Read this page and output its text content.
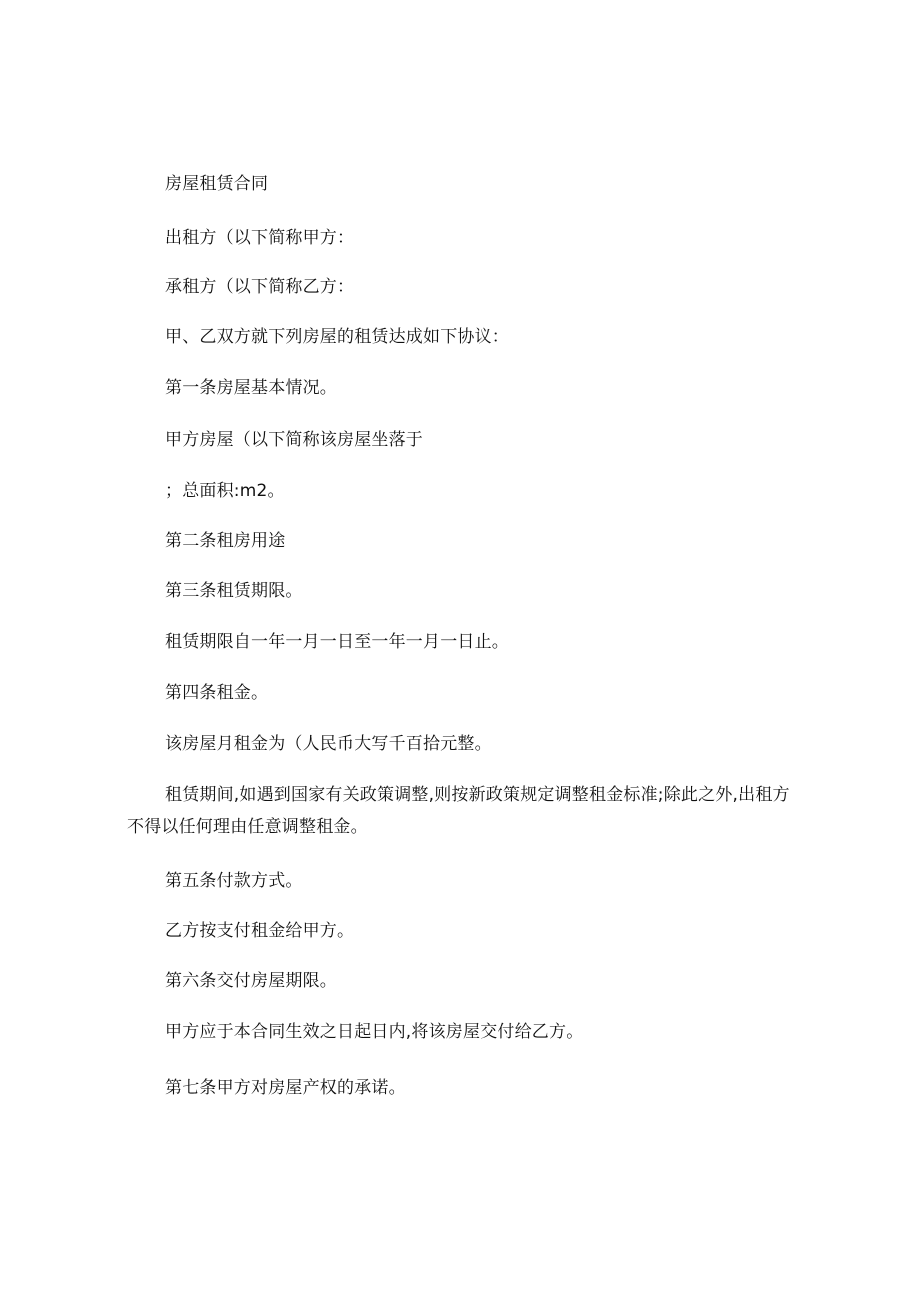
房屋租赁合同
出租方（以下简称甲方：
承租方（以下简称乙方：
甲、乙双方就下列房屋的租赁达成如下协议：
第一条房屋基本情况。
甲方房屋（以下简称该房屋坐落于
；总面积:m2。
第二条租房用途
第三条租赁期限。
租赁期限自一年一月一日至一年一月一日止。
第四条租金。
该房屋月租金为（人民币大写千百拾元整。
租赁期间,如遇到国家有关政策调整,则按新政策规定调整租金标准;除此之外,出租方
不得以任何理由任意调整租金。
第五条付款方式。
乙方按支付租金给甲方。
第六条交付房屋期限。
甲方应于本合同生效之日起日内,将该房屋交付给乙方。
第七条甲方对房屋产权的承诺。
